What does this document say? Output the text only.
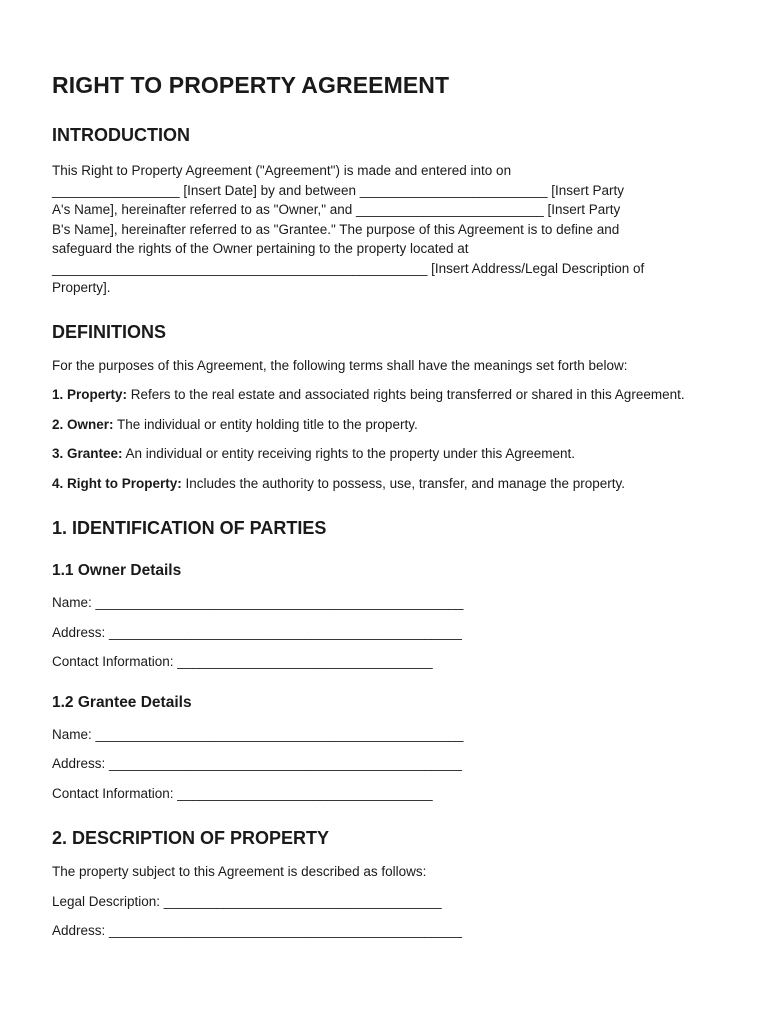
RIGHT TO PROPERTY AGREEMENT
INTRODUCTION

This Right to Property Agreement ("Agreement") is made and entered into on
_________________ [Insert Date] by and between _________________________ [Insert Party
A's Name], hereinafter referred to as "Owner," and _________________________ [Insert Party
B's Name], hereinafter referred to as "Grantee." The purpose of this Agreement is to define and
safeguard the rights of the Owner pertaining to the property located at
__________________________________________________ [Insert Address/Legal Description of
Property].

DEFINITIONS

For the purposes of this Agreement, the following terms shall have the meanings set forth below:

1. Property: Refers to the real estate and associated rights being transferred or shared in this Agreement.

2. Owner: The individual or entity holding title to the property.

3. Grantee: An individual or entity receiving rights to the property under this Agreement.

4. Right to Property: Includes the authority to possess, use, transfer, and manage the property.

1. IDENTIFICATION OF PARTIES
1.1 Owner Details

Name: _________________________________________________

Address: _______________________________________________

Contact Information: __________________________________

1.2 Grantee Details

Name: _________________________________________________

Address: _______________________________________________

Contact Information: __________________________________

2. DESCRIPTION OF PROPERTY

The property subject to this Agreement is described as follows:

Legal Description: _____________________________________

Address: _______________________________________________
